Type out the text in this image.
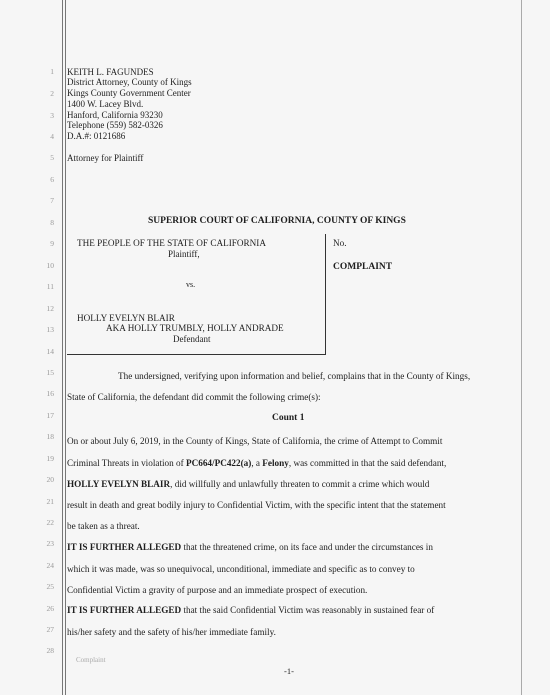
1
2
3
4
5
6
7
8
9
10
11
12
13
14
15
16
17
18
19
20
21
22
23
24
25
26
27
28
KEITH L. FAGUNDES
District Attorney, County of Kings
Kings County Government Center
1400 W. Lacey Blvd.
Hanford, California 93230
Telephone (559) 582-0326
D.A.#: 0121686
Attorney for Plaintiff
SUPERIOR COURT OF CALIFORNIA, COUNTY OF KINGS
THE PEOPLE OF THE STATE OF CALIFORNIA
Plaintiff,
vs.
HOLLY EVELYN BLAIR
AKA HOLLY TRUMBLY, HOLLY ANDRADE
Defendant
No.
COMPLAINT
The undersigned, verifying upon information and belief, complains that in the County of Kings,
State of California, the defendant did commit the following crime(s):
Count 1
On or about July 6, 2019, in the County of Kings, State of California, the crime of Attempt to Commit
Criminal Threats in violation of PC664/PC422(a), a Felony, was committed in that the said defendant,
HOLLY EVELYN BLAIR, did willfully and unlawfully threaten to commit a crime which would
result in death and great bodily injury to Confidential Victim, with the specific intent that the statement
be taken as a threat.
IT IS FURTHER ALLEGED that the threatened crime, on its face and under the circumstances in
which it was made, was so unequivocal, unconditional, immediate and specific as to convey to
Confidential Victim a gravity of purpose and an immediate prospect of execution.
IT IS FURTHER ALLEGED that the said Confidential Victim was reasonably in sustained fear of
his/her safety and the safety of his/her immediate family.
Complaint
-1-
